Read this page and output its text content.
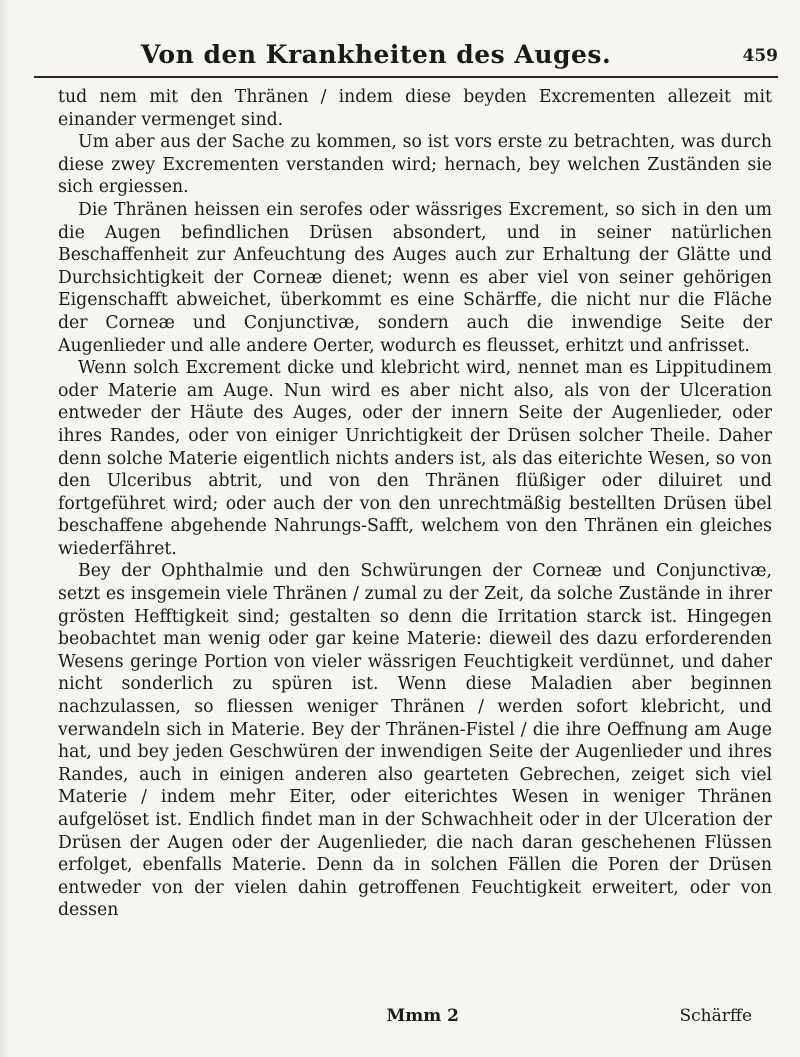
Von den Krankheiten des Auges.	459

tud nem mit den Thränen / indem diese beyden Excrementen allezeit mit einander vermenget sind.

Um aber aus der Sache zu kommen, so ist vors erste zu betrachten, was durch diese zwey Excrementen verstanden wird; hernach, bey welchen Zuständen sie sich ergiessen.

Die Thränen heissen ein serofes oder wässriges Excrement, so sich in den um die Augen befindlichen Drüsen absondert, und in seiner natürlichen Beschaffenheit zur Anfeuchtung des Auges auch zur Erhaltung der Glätte und Durchsichtigkeit der Corneæ dienet; wenn es aber viel von seiner gehörigen Eigenschafft abweichet, überkommt es eine Schärffe, die nicht nur die Fläche der Corneæ und Conjunctivæ, sondern auch die inwendige Seite der Augenlieder und alle andere Oerter, wodurch es fleusset, erhitzt und anfrisset.

Wenn solch Excrement dicke und klebricht wird, nennet man es Lippitudinem oder Materie am Auge. Nun wird es aber nicht also, als von der Ulceration entweder der Häute des Auges, oder der innern Seite der Augenlieder, oder ihres Randes, oder von einiger Unrichtigkeit der Drüsen solcher Theile. Daher denn solche Materie eigentlich nichts anders ist, als das eiterichte Wesen, so von den Ulceribus abtrit, und von den Thränen flüßiger oder diluiret und fortgeführet wird; oder auch der von den unrechtmäßig bestellten Drüsen übel beschaffene abgehende Nahrungs-Safft, welchem von den Thränen ein gleiches wiederfähret.

Bey der Ophthalmie und den Schwürungen der Corneæ und Conjunctivæ, setzt es insgemein viele Thränen / zumal zu der Zeit, da solche Zustände in ihrer grösten Hefftigkeit sind; gestalten so denn die Irritation starck ist. Hingegen beobachtet man wenig oder gar keine Materie: dieweil des dazu erforderenden Wesens geringe Portion von vieler wässrigen Feuchtigkeit verdünnet, und daher nicht sonderlich zu spüren ist. Wenn diese Maladien aber beginnen nachzulassen, so fliessen weniger Thränen / werden sofort klebricht, und verwandeln sich in Materie. Bey der Thränen-Fistel / die ihre Oeffnung am Auge hat, und bey jeden Geschwüren der inwendigen Seite der Augenlieder und ihres Randes, auch in einigen anderen also gearteten Gebrechen, zeiget sich viel Materie / indem mehr Eiter, oder eiterichtes Wesen in weniger Thränen aufgelöset ist. Endlich findet man in der Schwachheit oder in der Ulceration der Drüsen der Augen oder der Augenlieder, die nach daran geschehenen Flüssen erfolget, ebenfalls Materie. Denn da in solchen Fällen die Poren der Drüsen entweder von der vielen dahin getroffenen Feuchtigkeit erweitert, oder von dessen

Mmm 2	Schärffe
